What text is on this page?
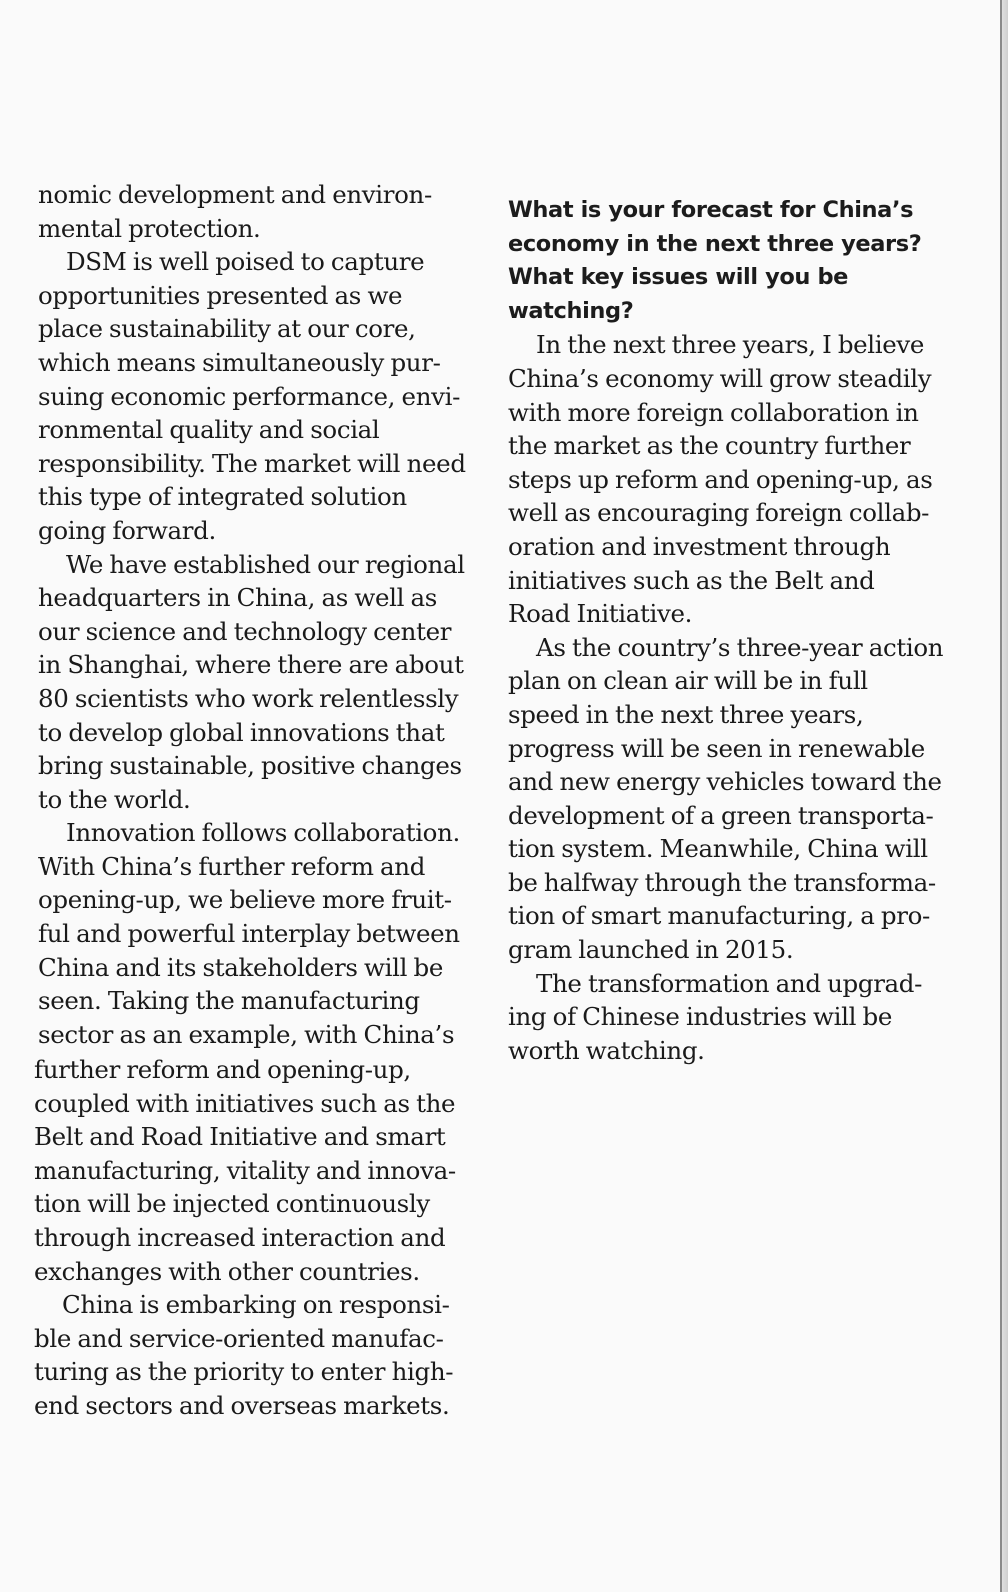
nomic development and environ-
mental protection.
DSM is well poised to capture
opportunities presented as we
place sustainability at our core,
which means simultaneously pur-
suing economic performance, envi-
ronmental quality and social
responsibility. The market will need
this type of integrated solution
going forward.
We have established our regional
headquarters in China, as well as
our science and technology center
in Shanghai, where there are about
80 scientists who work relentlessly
to develop global innovations that
bring sustainable, positive changes
to the world.
Innovation follows collaboration.
With China’s further reform and
opening-up, we believe more fruit-
ful and powerful interplay between
China and its stakeholders will be
seen. Taking the manufacturing
sector as an example, with China’s
further reform and opening-up,
coupled with initiatives such as the
Belt and Road Initiative and smart
manufacturing, vitality and innova-
tion will be injected continuously
through increased interaction and
exchanges with other countries.
China is embarking on responsi-
ble and service-oriented manufac-
turing as the priority to enter high-
end sectors and overseas markets.
What is your forecast for China’s
economy in the next three years?
What key issues will you be
watching?
In the next three years, I believe
China’s economy will grow steadily
with more foreign collaboration in
the market as the country further
steps up reform and opening-up, as
well as encouraging foreign collab-
oration and investment through
initiatives such as the Belt and
Road Initiative.
As the country’s three-year action
plan on clean air will be in full
speed in the next three years,
progress will be seen in renewable
and new energy vehicles toward the
development of a green transporta-
tion system. Meanwhile, China will
be halfway through the transforma-
tion of smart manufacturing, a pro-
gram launched in 2015.
The transformation and upgrad-
ing of Chinese industries will be
worth watching.
